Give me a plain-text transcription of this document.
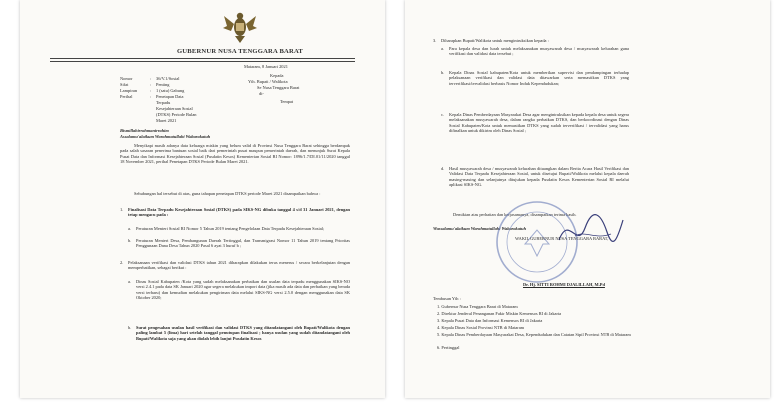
GUBERNUR NUSA TENGGARA BARAT
Mataram, 8 Januari 2021
Kepada
Yth. Bupati / Walikota
Se Nusa Tenggara Barat
di-
Tempat
Nomor	: 36/V.1/Sosial
Sifat	: Penting
Lampiran	: 1 (satu) Gabung
Perihal	: Penetapan Data
Terpadu
Kesejahteraan Sosial
(DTKS) Periode Bulan
Maret 2021
Bismillahirrahmanirrahim
Assalamu'alaikum Warahmatullahi Wabarakatuh
Menyikapi masih adanya data keluarga miskin yang belum valid di Provinsi Nusa Tenggara Barat sehingga berdampak pada salah sasaran penerima bantuan sosial baik dari pemerintah pusat maupun pemerintah daerah, dan menunjuk Surat Kepala Pusat Data dan Informasi Kesejahteraan Sosial (Pusdatin Kesos) Kementerian Sosial RI Nomor: 1896/1.7/DI.01/11/2020 tanggal 18 November 2021, perihal Penetapan DTKS Periode Bulan Maret 2021.
Sehubungan hal tersebut di atas, guna tahapan penetapan DTKS periode Maret 2021 disampaikan bahwa :
1. Finalisasi Data Terpadu Kesejahteraan Sosial (DTKS) pada SIKS-NG dibuka tanggal 4 s/d 31 Januari 2021, dengan tetap mengacu pada :
a. Peraturan Menteri Sosial RI Nomor 5 Tahun 2019 tentang Pengelolaan Data Terpadu Kesejahteraan Sosial;
b. Peraturan Menteri Desa, Pembangunan Daerah Tertinggal, dan Transmigrasi Nomor 11 Tahun 2019 tentang Prioritas Penggunaan Dana Desa Tahun 2020 Pasal 6 ayat 3 huruf b ;
2. Pelaksanaan verifikasi dan validasi DTKS tahun 2021 diharapkan dilakukan terus menerus / secara berkelanjutan dengan memperhatikan, sebagai berikut :
a. Dinas Sosial Kabupaten /Kota yang sudah melaksanakan perbaikan dan usulan data terpadu menggunakan SIKS-NO versi 2.4.1 pada data SK Januari 2020 agar segera melakukan import data (jika masih ada data dan perbaikan yang berada versi terbaru) dan kemudian melakukan pengiriman data melalui SIKS-NG versi 2.5.0 dengan menggunakan data SK Oktober 2020;
b. Surat pengesahan usulan hasil verifikasi dan validasi DTKS yang ditandatangani oleh Bupati/Walikota dengan paling lambat 5 (lima) hari setelah tanggal penutupan finalisasi ; hanya usulan yang sudah ditandatangani oleh Bupati/Walikota saja yang akan diolah lebih lanjut Pusdatin Kesos
3. Diharapkan Bupati/Walikota untuk mengintruksikan kepada :
a. Para kepala desa dan lurah untuk melaksanakan musyawarah desa / musyawarah kelurahan guna verifikasi dan validasi data tersebut ;
b. Kepala Dinas Sosial kabupaten/Kota untuk memberikan supervisi dan pendampingan terhadap pelaksanaan verifikasi dan validasi data ditawarkan serta memastikan DTKS yang terverifikasi/tervalidasi berbasis Nomor Induk Kependudukan;
c. Kepala Dinas Pemberdayaan Masyarakat Desa agar mengintruksikan kepada kepala desa untuk segera melaksanakan musyawarah desa, dalam rangka perbaikan DTKS, dan berkoordinasi dengan Dinas Sosial Kabupaten/Kota untuk memastikan DTKS yang sudah terverifikasi / tervalidasi yang harus difinalkan untuk dikirim oleh Dinas Sosial ;
d. Hasil musyawarah desa / musyawarah kelurahan dituangkan dalam Berita Acara Hasil Verifikasi dan Validasi Data Terpadu Kesejahteraan Sosial, untuk disetujui Bupati/Walikota melalui kepala daerah masing-masing dan selanjutnya ditujukan kepada Pusdatin Kesos Kementerian Sosial RI melalui aplikasi SIKS-NG.
Demikian atas perhatian dan kerjasamanya, disampaikan terima kasih.
Wassalamu'alaikum Warahmatullahi Wabarakatuh
WAKIL GUBERNUR NUSA TENGGARA BARAT,
Dr. Hj. SITTI ROHMI DJALILLAH, M.Pd
Tembusan Yth :
1. Gubernur Nusa Tenggara Barat di Mataram
2. Direktur Jenderal Penanganan Fakir Miskin Kemensos RI di Jakarta
3. Kepala Pusat Data dan Informasi Kemensos RI di Jakarta
4. Kepala Dinas Sosial Provinsi NTB di Mataram
5. Kepala Dinas Pemberdayaan Masyarakat Desa, Kependudukan dan Catatan Sipil Provinsi NTB di Mataram
6. Pertinggal
